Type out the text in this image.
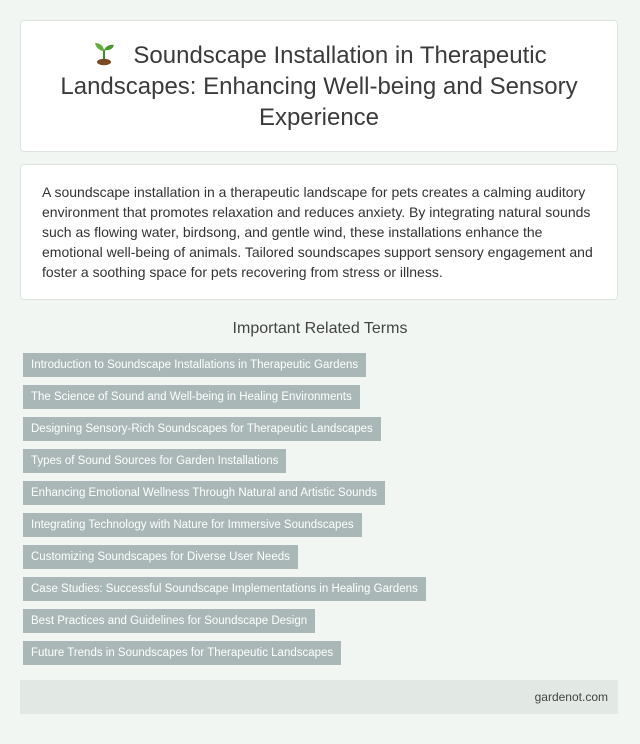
Soundscape Installation in Therapeutic Landscapes: Enhancing Well-being and Sensory Experience

A soundscape installation in a therapeutic landscape for pets creates a calming auditory environment that promotes relaxation and reduces anxiety. By integrating natural sounds such as flowing water, birdsong, and gentle wind, these installations enhance the emotional well-being of animals. Tailored soundscapes support sensory engagement and foster a soothing space for pets recovering from stress or illness.

Important Related Terms
Introduction to Soundscape Installations in Therapeutic Gardens
The Science of Sound and Well-being in Healing Environments
Designing Sensory-Rich Soundscapes for Therapeutic Landscapes
Types of Sound Sources for Garden Installations
Enhancing Emotional Wellness Through Natural and Artistic Sounds
Integrating Technology with Nature for Immersive Soundscapes
Customizing Soundscapes for Diverse User Needs
Case Studies: Successful Soundscape Implementations in Healing Gardens
Best Practices and Guidelines for Soundscape Design
Future Trends in Soundscapes for Therapeutic Landscapes
gardenot.com
